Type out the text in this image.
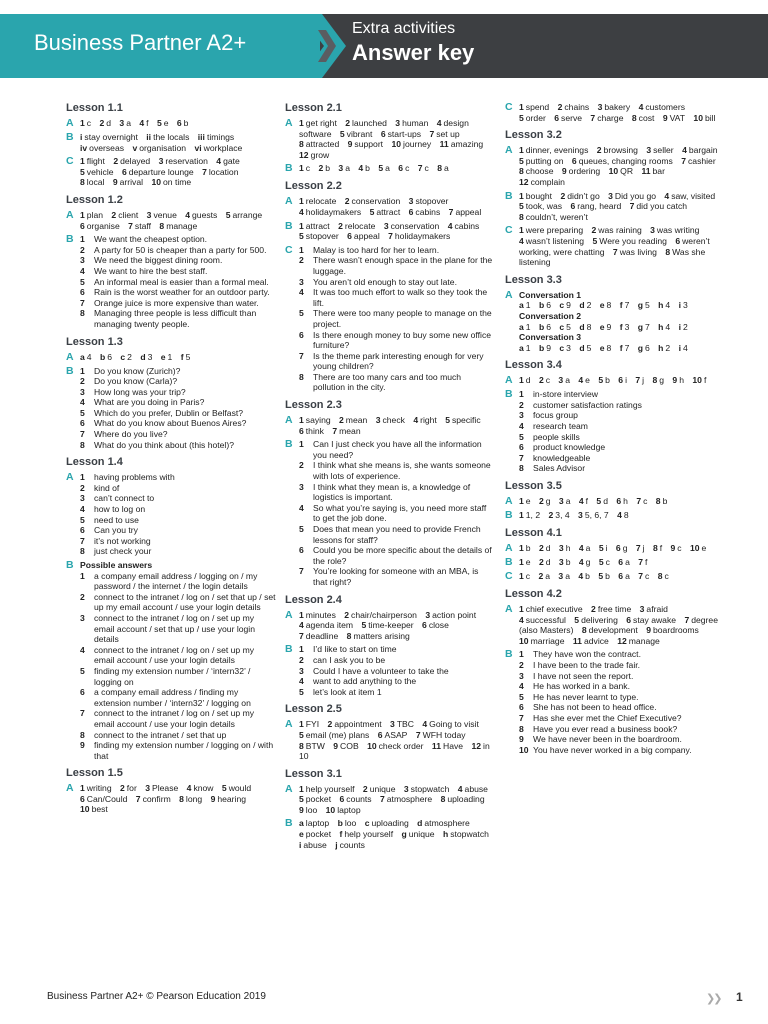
Business Partner A2+
Extra activities
Answer key
Lesson 1.1
A 1 c 2 d 3 a 4 f 5 e 6 b
B i stay overnight ii the locals iii timings iv overseas v organisation vi workplace
C 1 flight 2 delayed 3 reservation 4 gate 5 vehicle 6 departure lounge 7 location 8 local 9 arrival 10 on time
Lesson 1.2
A 1 plan 2 client 3 venue 4 guests 5 arrange 6 organise 7 staff 8 manage
B 1	We want the cheapest option.
2	A party for 50 is cheaper than a party for 500.
3	We need the biggest dining room.
4	We want to hire the best staff.
5	An informal meal is easier than a formal meal.
6	Rain is the worst weather for an outdoor party.
7	Orange juice is more expensive than water.
8	Managing three people is less difficult than managing twenty people.
Lesson 1.3
A a 4 b 6 c 2 d 3 e 1 f 5
B 1	Do you know (Zurich)?
2	Do you know (Carla)?
3	How long was your trip?
4	What are you doing in Paris?
5	Which do you prefer, Dublin or Belfast?
6	What do you know about Buenos Aires?
7	Where do you live?
8	What do you think about (this hotel)?
Lesson 1.4
A 1	having problems with
2	kind of
3	can’t connect to
4	how to log on
5	need to use
6	Can you try
7	it’s not working
8	just check your
B Possible answers
1	a company email address / logging on / my password / the internet / the login details
2	connect to the intranet / log on / set that up / set up my email account / use your login details
3	connect to the intranet / log on / set up my email account / set that up / use your login details
4	connect to the intranet / log on / set up my email account / use your login details
5	finding my extension number / ‘intern32’ / logging on
6	a company email address / finding my extension number / ‘intern32’ / logging on
7	connect to the intranet / log on / set up my email account / use your login details
8	connect to the intranet / set that up
9	finding my extension number / logging on / with that
Lesson 1.5
A 1 writing 2 for 3 Please 4 know 5 would 6 Can/Could 7 confirm 8 long 9 hearing 10 best
Lesson 2.1
A 1 get right 2 launched 3 human 4 design software 5 vibrant 6 start-ups 7 set up 8 attracted 9 support 10 journey 11 amazing 12 grow
B 1 c 2 b 3 a 4 b 5 a 6 c 7 c 8 a
Lesson 2.2
A 1 relocate 2 conservation 3 stopover 4 holidaymakers 5 attract 6 cabins 7 appeal
B 1 attract 2 relocate 3 conservation 4 cabins 5 stopover 6 appeal 7 holidaymakers
C 1	Malay is too hard for her to learn.
2	There wasn’t enough space in the plane for the luggage.
3	You aren’t old enough to stay out late.
4	It was too much effort to walk so they took the lift.
5	There were too many people to manage on the project.
6	Is there enough money to buy some new office furniture?
7	Is the theme park interesting enough for very young children?
8	There are too many cars and too much pollution in the city.
Lesson 2.3
A 1 saying 2 mean 3 check 4 right 5 specific 6 think 7 mean
B 1	Can I just check you have all the information you need?
2	I think what she means is, she wants someone with lots of experience.
3	I think what they mean is, a knowledge of logistics is important.
4	So what you’re saying is, you need more staff to get the job done.
5	Does that mean you need to provide French lessons for staff?
6	Could you be more specific about the details of the role?
7	You’re looking for someone with an MBA, is that right?
Lesson 2.4
A 1 minutes 2 chair/chairperson 3 action point 4 agenda item 5 time-keeper 6 close 7 deadline 8 matters arising
B 1	I’d like to start on time
2	can I ask you to be
3	Could I have a volunteer to take the
4	want to add anything to the
5	let’s look at item 1
Lesson 2.5
A 1 FYI 2 appointment 3 TBC 4 Going to visit 5 email (me) plans 6 ASAP 7 WFH today 8 BTW 9 COB 10 check order 11 Have 12 in 10
Lesson 3.1
A 1 help yourself 2 unique 3 stopwatch 4 abuse 5 pocket 6 counts 7 atmosphere 8 uploading 9 loo 10 laptop
B a laptop b loo c uploading d atmosphere e pocket f help yourself g unique h stopwatch i abuse j counts
C 1 spend 2 chains 3 bakery 4 customers 5 order 6 serve 7 charge 8 cost 9 VAT 10 bill
Lesson 3.2
A 1 dinner, evenings 2 browsing 3 seller 4 bargain 5 putting on 6 queues, changing rooms 7 cashier 8 choose 9 ordering 10 QR 11 bar 12 complain
B 1 bought 2 didn’t go 3 Did you go 4 saw, visited 5 took, was 6 rang, heard 7 did you catch 8 couldn’t, weren’t
C 1 were preparing 2 was raining 3 was writing 4 wasn’t listening 5 Were you reading 6 weren’t working, were chatting 7 was living 8 Was she listening
Lesson 3.3
A Conversation 1
a 1 b 6 c 9 d 2 e 8 f 7 g 5 h 4 i 3
Conversation 2
a 1 b 6 c 5 d 8 e 9 f 3 g 7 h 4 i 2
Conversation 3
a 1 b 9 c 3 d 5 e 8 f 7 g 6 h 2 i 4
Lesson 3.4
A 1 d 2 c 3 a 4 e 5 b 6 i 7 j 8 g 9 h 10 f
B 1	in-store interview
2	customer satisfaction ratings
3	focus group
4	research team
5	people skills
6	product knowledge
7	knowledgeable
8	Sales Advisor
Lesson 3.5
A 1 e 2 g 3 a 4 f 5 d 6 h 7 c 8 b
B 1 1, 2 2 3, 4 3 5, 6, 7 4 8
Lesson 4.1
A 1 b 2 d 3 h 4 a 5 i 6 g 7 j 8 f 9 c 10 e
B 1 e 2 d 3 b 4 g 5 c 6 a 7 f
C 1 c 2 a 3 a 4 b 5 b 6 a 7 c 8 c
Lesson 4.2
A 1 chief executive 2 free time 3 afraid 4 successful 5 delivering 6 stay awake 7 degree (also Masters) 8 development 9 boardrooms 10 marriage 11 advice 12 manage
B 1	They have won the contract.
2	I have been to the trade fair.
3	I have not seen the report.
4	He has worked in a bank.
5	He has never learnt to type.
6	She has not been to head office.
7	Has she ever met the Chief Executive?
8	Have you ever read a business book?
9	We have never been in the boardroom.
10 You have never worked in a big company.
Business Partner A2+ © Pearson Education 2019	❯❯ 1
